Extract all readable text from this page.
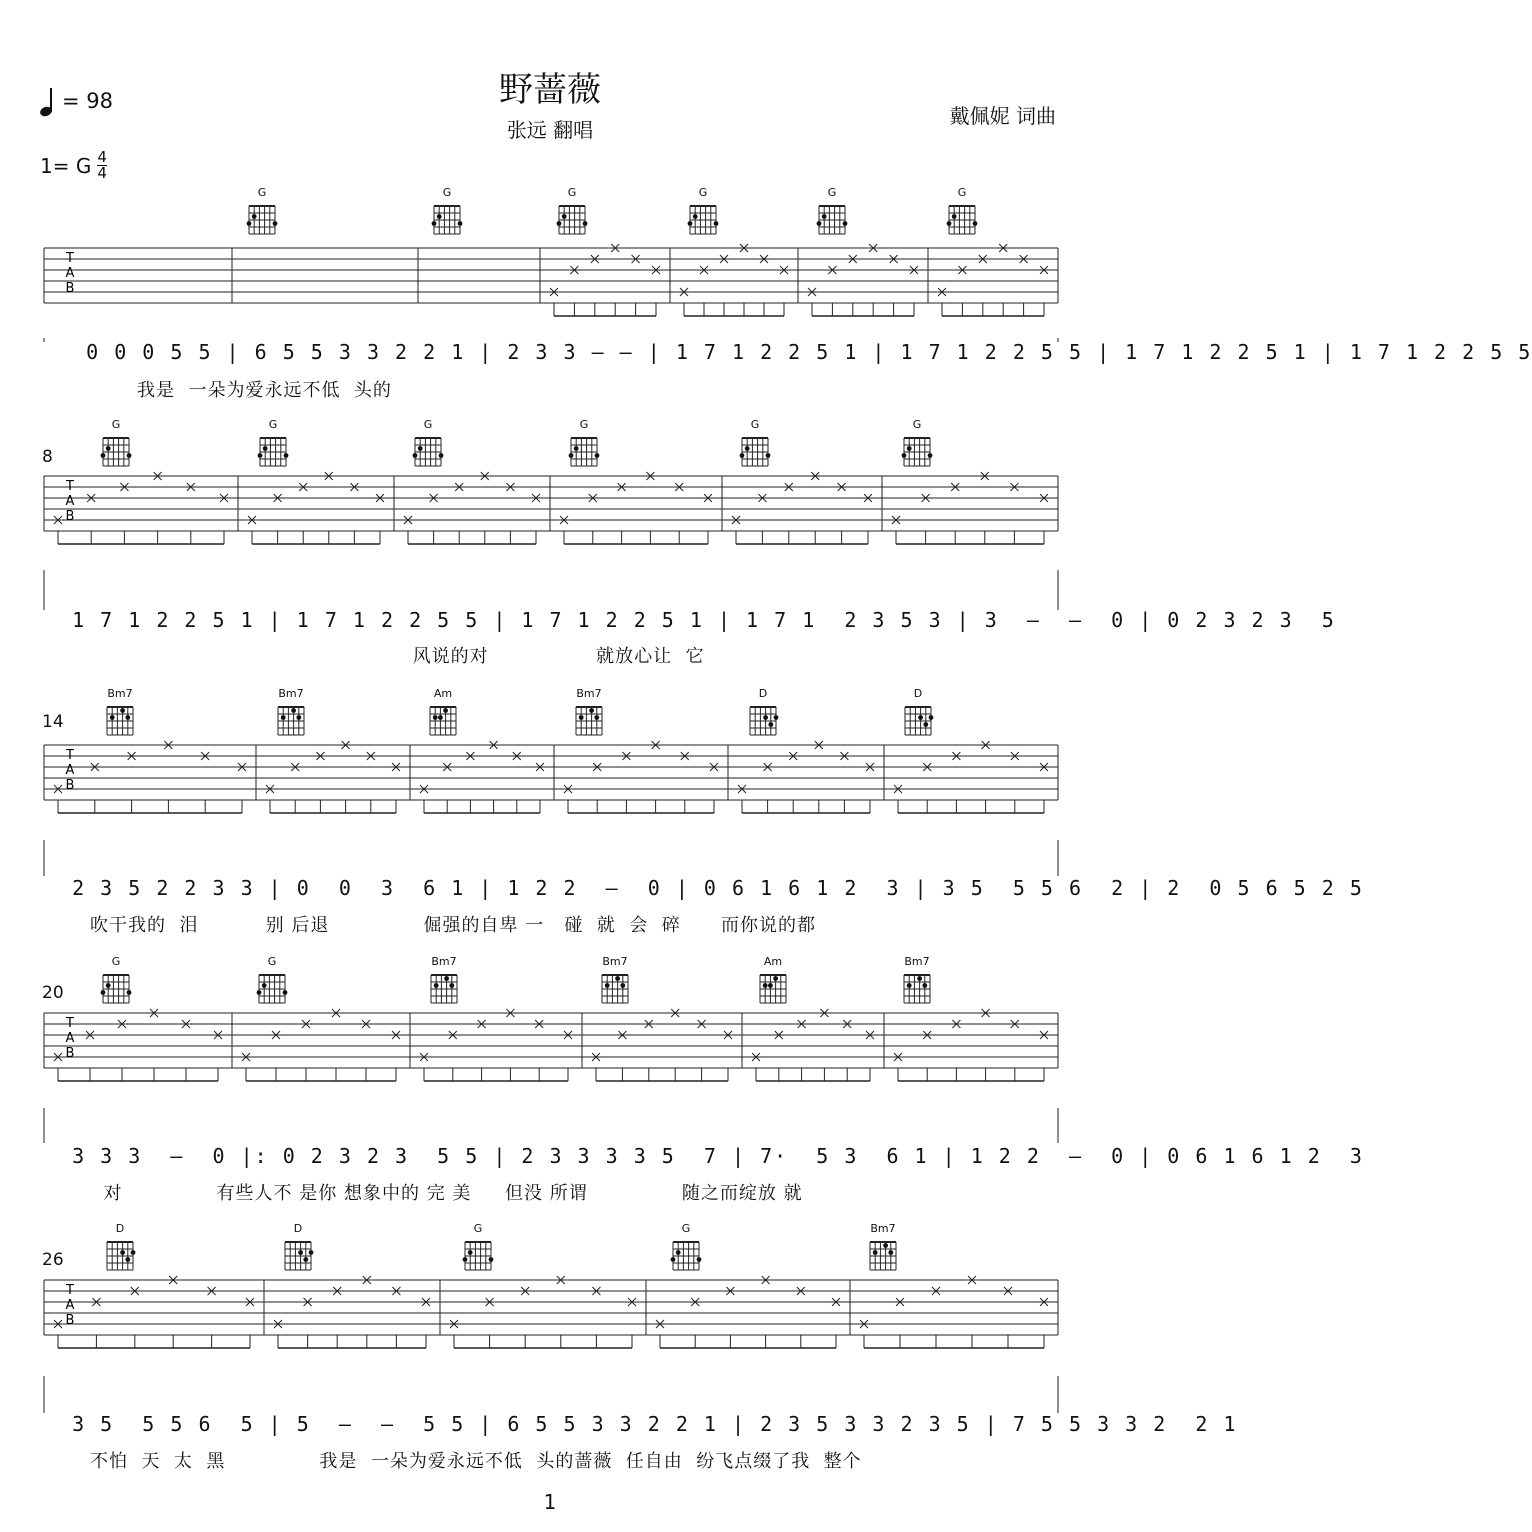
野蔷薇
张远 翻唱
戴佩妮 词曲
= 98
1= G 4
4
8
14
20
26
T
A
B
T
A
B
T
A
B
T
A
B
T
A
B
0 0 0 5 5 | 6 5 5 3 3 2 2 1 | 2 3 3 – – | 1 7 1 2 2 5 1 | 1 7 1 2 2 5 5 | 1 7 1 2 2 5 1 | 1 7 1 2 2 5 5
我是  一朵为爱永远不低  头的
1 7 1 2 2 5 1 | 1 7 1 2 2 5 5 | 1 7 1 2 2 5 1 | 1 7 1  2 3 5 3 | 3  –  –  0 | 0 2 3 2 3  5
风说的对                就放心让  它
2 3 5 2 2 3 3 | 0  0  3  6 1 | 1 2 2  –  0 | 0 6 1 6 1 2  3 | 3 5  5 5 6  2 | 2  0 5 6 5 2 5
吹干我的  泪          别 后退              倔强的自卑 一   碰  就  会  碎      而你说的都
3 3 3  –  0 |: 0 2 3 2 3  5 5 | 2 3 3 3 3 5  7 | 7·  5 3  6 1 | 1 2 2  –  0 | 0 6 1 6 1 2  3
对              有些人不 是你 想象中的 完 美     但没 所谓              随之而绽放 就
3 5  5 5 6  5 | 5  –  –  5 5 | 6 5 5 3 3 2 2 1 | 2 3 5 3 3 2 3 5 | 7 5 5 3 3 2  2 1
不怕  天  太  黑              我是  一朵为爱永远不低  头的蔷薇  任自由  纷飞点缀了我  整个
1
G	G	G	G	G	G
G	G	G	G	G	G
Bm7	Bm7	Am	Bm7	D	D
G	G	Bm7	Bm7	Am	Bm7
D	D	G	G	Bm7
